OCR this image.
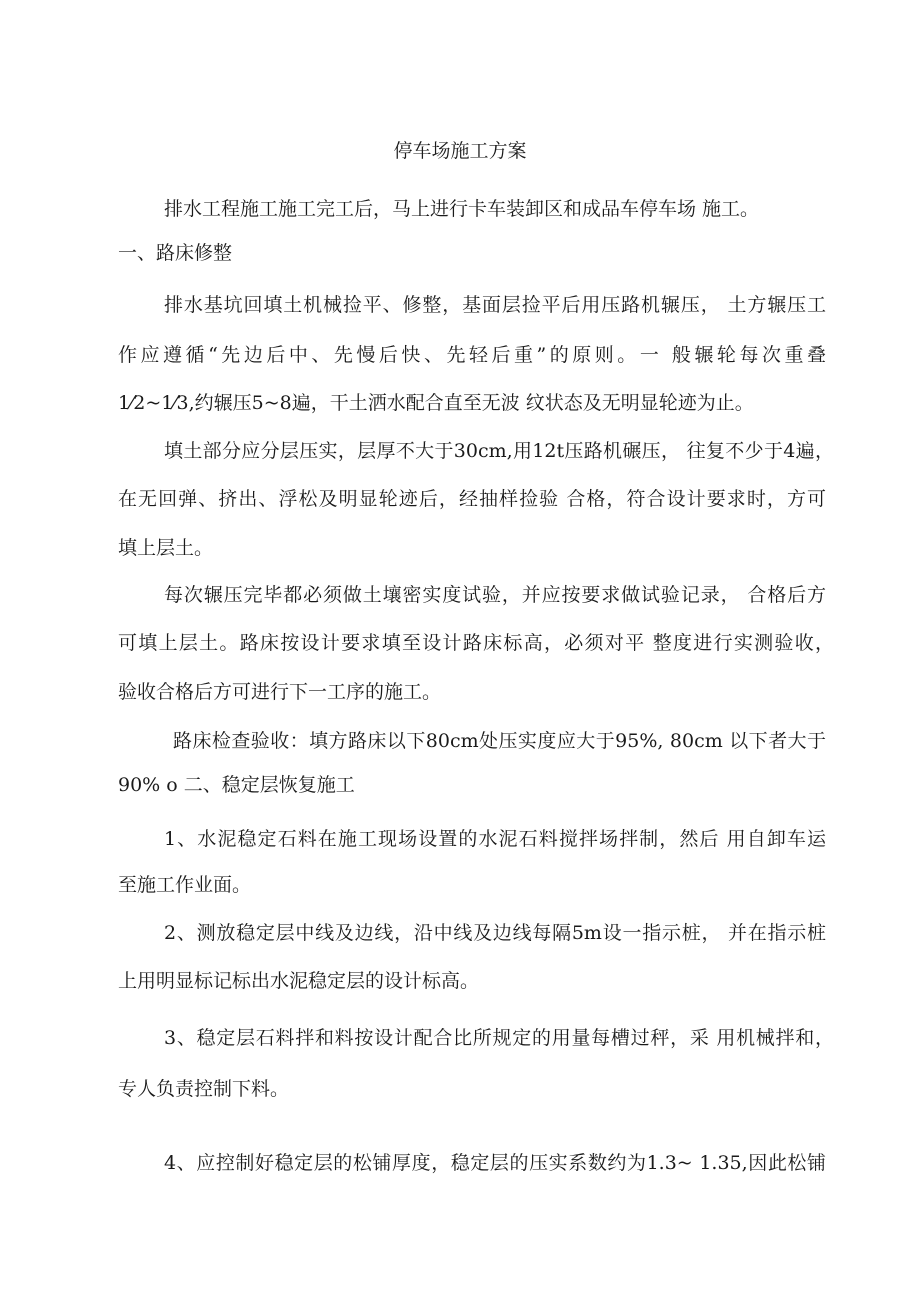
停车场施工方案
排水工程施工施工完工后，马上进行卡车装卸区和成品车停车场 施工。
一、路床修整
排水基坑回填土机械捡平、修整，基面层捡平后用压路机辗压， 土方辗压工
作应遵循“先边后中、先慢后快、先轻后重”的原则。一 般辗轮每次重叠
1⁄2~1⁄3,约辗压5~8遍，干土洒水配合直至无波 纹状态及无明显轮迹为止。
填土部分应分层压实，层厚不大于30cm,用12t压路机碾压， 往复不少于4遍，
在无回弹、挤出、浮松及明显轮迹后，经抽样捡验 合格，符合设计要求时，方可
填上层土。
每次辗压完毕都必须做土壤密实度试验，并应按要求做试验记录， 合格后方
可填上层土。路床按设计要求填至设计路床标高，必须对平 整度进行实测验收，
验收合格后方可进行下一工序的施工。
路床检查验收：填方路床以下80cm处压实度应大于95%, 80cm 以下者大于
90% o 二、稳定层恢复施工
1、水泥稳定石料在施工现场设置的水泥石料搅拌场拌制，然后 用自卸车运
至施工作业面。
2、测放稳定层中线及边线，沿中线及边线每隔5m设一指示桩， 并在指示桩
上用明显标记标出水泥稳定层的设计标高。
3、稳定层石料拌和料按设计配合比所规定的用量每槽过秤，采 用机械拌和，
专人负责控制下料。
4、应控制好稳定层的松铺厚度，稳定层的压实系数约为1.3~ 1.35,因此松铺
